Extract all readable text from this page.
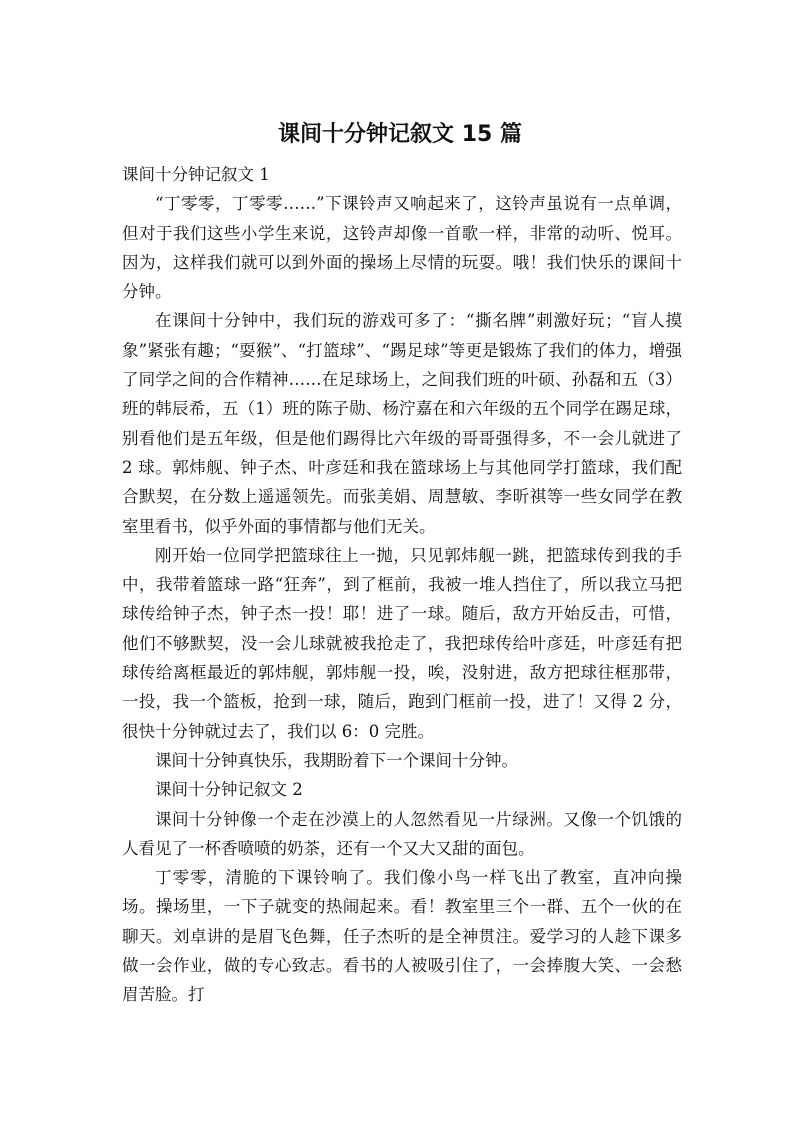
课间十分钟记叙文 15 篇

课间十分钟记叙文 1

“丁零零，丁零零……”下课铃声又响起来了，这铃声虽说有一点单调，但对于我们这些小学生来说，这铃声却像一首歌一样，非常的动听、悦耳。因为，这样我们就可以到外面的操场上尽情的玩耍。哦！我们快乐的课间十分钟。

在课间十分钟中，我们玩的游戏可多了：“撕名牌”刺激好玩；“盲人摸象”紧张有趣；“耍猴”、“打篮球”、“踢足球”等更是锻炼了我们的体力，增强了同学之间的合作精神……在足球场上，之间我们班的叶硕、孙磊和五（3）班的韩辰希，五（1）班的陈子勋、杨泞嘉在和六年级的五个同学在踢足球，别看他们是五年级，但是他们踢得比六年级的哥哥强得多，不一会儿就进了 2 球。郭炜舰、钟子杰、叶彦廷和我在篮球场上与其他同学打篮球，我们配合默契，在分数上遥遥领先。而张美娟、周慧敏、李昕祺等一些女同学在教室里看书，似乎外面的事情都与他们无关。

刚开始一位同学把篮球往上一抛，只见郭炜舰一跳，把篮球传到我的手中，我带着篮球一路“狂奔”，到了框前，我被一堆人挡住了，所以我立马把球传给钟子杰，钟子杰一投！耶！进了一球。随后，敌方开始反击，可惜，他们不够默契，没一会儿球就被我抢走了，我把球传给叶彦廷，叶彦廷有把球传给离框最近的郭炜舰，郭炜舰一投，唉，没射进，敌方把球往框那带，一投，我一个篮板，抢到一球，随后，跑到门框前一投，进了！又得 2 分，很快十分钟就过去了，我们以 6：0 完胜。

课间十分钟真快乐，我期盼着下一个课间十分钟。

课间十分钟记叙文 2

课间十分钟像一个走在沙漠上的人忽然看见一片绿洲。又像一个饥饿的人看见了一杯香喷喷的奶茶，还有一个又大又甜的面包。

丁零零，清脆的下课铃响了。我们像小鸟一样飞出了教室，直冲向操场。操场里，一下子就变的热闹起来。看！教室里三个一群、五个一伙的在聊天。刘卓讲的是眉飞色舞，任子杰听的是全神贯注。爱学习的人趁下课多做一会作业，做的专心致志。看书的人被吸引住了，一会捧腹大笑、一会愁眉苦脸。打
